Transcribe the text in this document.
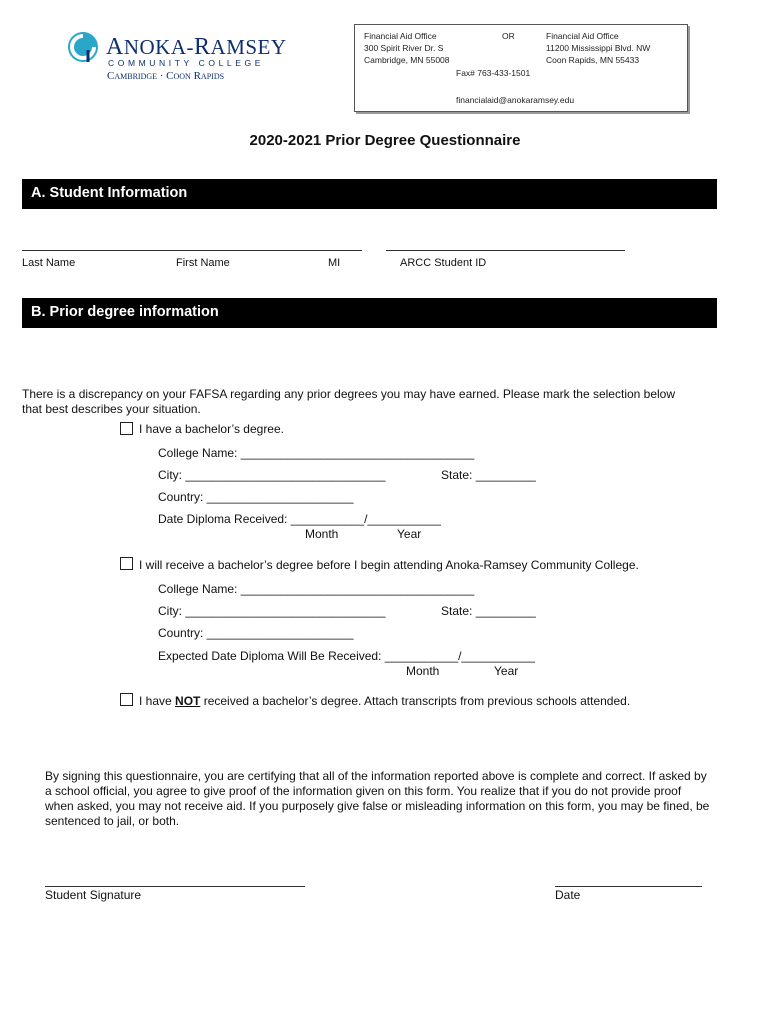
ANOKA-RAMSEY
COMMUNITY COLLEGE
Cambridge · Coon Rapids
Financial Aid Office
300 Spirit River Dr. S
Cambridge, MN 55008
OR	Financial Aid Office
11200 Mississippi Blvd. NW
Coon Rapids, MN 55433
Fax# 763-433-1501
financialaid@anokaramsey.edu
2020-2021 Prior Degree Questionnaire
A. Student Information
Last Name	First Name	MI	ARCC Student ID
B. Prior degree information
There is a discrepancy on your FAFSA regarding any prior degrees you may have earned. Please mark the selection below
that best describes your situation.
I have a bachelor’s degree.
College Name: ___________________________________
City: ______________________________	State: _________
Country: ______________________
Date Diploma Received: ___________/___________
Month	Year
I will receive a bachelor’s degree before I begin attending Anoka-Ramsey Community College.
College Name: ___________________________________
City: ______________________________	State: _________
Country: ______________________
Expected Date Diploma Will Be Received: ___________/___________
Month	Year
I have NOT received a bachelor’s degree. Attach transcripts from previous schools attended.
By signing this questionnaire, you are certifying that all of the information reported above is complete and correct. If asked by
a school official, you agree to give proof of the information given on this form. You realize that if you do not provide proof
when asked, you may not receive aid. If you purposely give false or misleading information on this form, you may be fined, be
sentenced to jail, or both.
Student Signature	Date
